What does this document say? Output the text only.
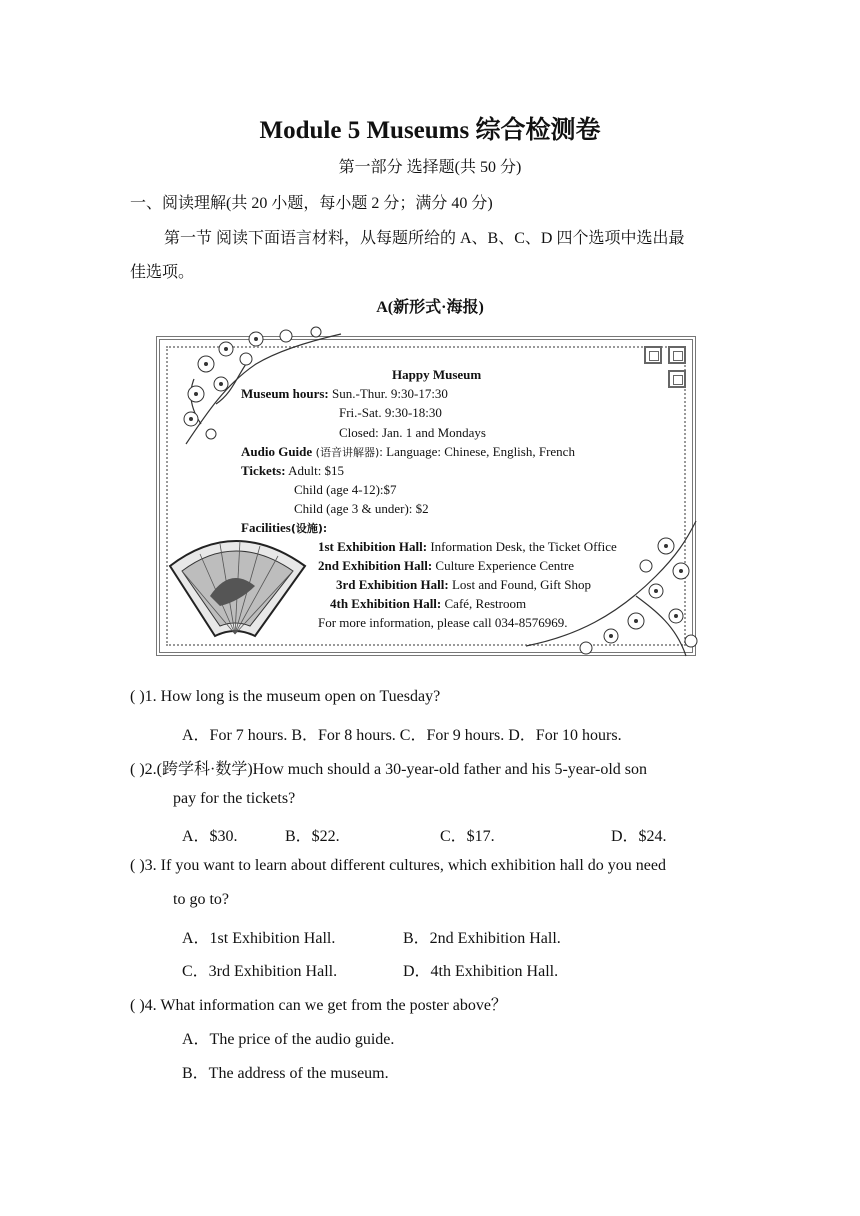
Module 5 Museums 综合检测卷
第一部分 选择题(共 50 分)
一、阅读理解(共 20 小题，每小题 2 分；满分 40 分)
第一节 阅读下面语言材料，从每题所给的 A、B、C、D 四个选项中选出最
佳选项。
A(新形式·海报)
Happy Museum
Museum hours: Sun.-Thur. 9:30-17:30
Fri.-Sat. 9:30-18:30
Closed: Jan. 1 and Mondays
Audio Guide (语音讲解器): Language: Chinese, English, French
Tickets: Adult: $15
Child (age 4-12):$7
Child (age 3 & under): $2
Facilities(设施):
1st Exhibition Hall: Information Desk, the Ticket Office
2nd Exhibition Hall: Culture Experience Centre
3rd Exhibition Hall: Lost and Found, Gift Shop
4th Exhibition Hall: Café, Restroom
For more information, please call 034-8576969.
( )1. How long is the museum open on Tuesday?
A．For 7 hours. B．For 8 hours. C．For 9 hours. D．For 10 hours.
( )2.(跨学科·数学)How much should a 30-year-old father and his 5-year-old son
pay for the tickets?
A．$30.	B．$22.	C．$17.	D．$24.
( )3. If you want to learn about different cultures, which exhibition hall do you need
to go to?
A．1st Exhibition Hall.	B．2nd Exhibition Hall.
C．3rd Exhibition Hall.	D．4th Exhibition Hall.
( )4. What information can we get from the poster above？
A．The price of the audio guide.
B．The address of the museum.
